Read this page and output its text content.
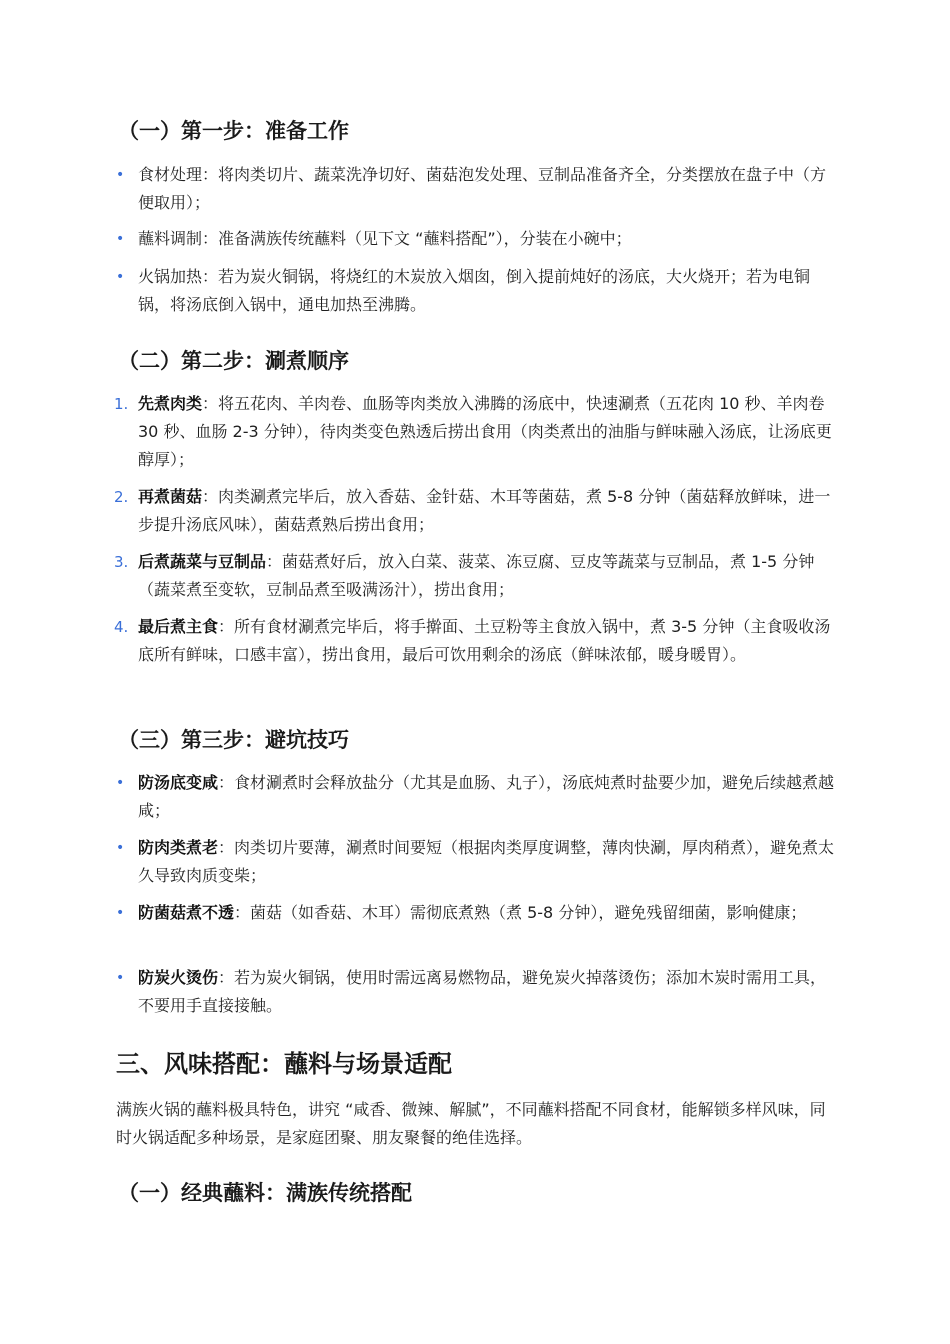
（一）第一步：准备工作
• 食材处理：将肉类切片、蔬菜洗净切好、菌菇泡发处理、豆制品准备齐全，分类摆放在盘子中（方便取用）；
• 蘸料调制：准备满族传统蘸料（见下文 “蘸料搭配”），分装在小碗中；
• 火锅加热：若为炭火铜锅，将烧红的木炭放入烟囱，倒入提前炖好的汤底，大火烧开；若为电铜锅，将汤底倒入锅中，通电加热至沸腾。
（二）第二步：涮煮顺序
1. 先煮肉类：将五花肉、羊肉卷、血肠等肉类放入沸腾的汤底中，快速涮煮（五花肉 10 秒、羊肉卷 30 秒、血肠 2-3 分钟），待肉类变色熟透后捞出食用（肉类煮出的油脂与鲜味融入汤底，让汤底更醇厚）；
2. 再煮菌菇：肉类涮煮完毕后，放入香菇、金针菇、木耳等菌菇，煮 5-8 分钟（菌菇释放鲜味，进一步提升汤底风味），菌菇煮熟后捞出食用；
3. 后煮蔬菜与豆制品：菌菇煮好后，放入白菜、菠菜、冻豆腐、豆皮等蔬菜与豆制品，煮 1-5 分钟（蔬菜煮至变软，豆制品煮至吸满汤汁），捞出食用；
4. 最后煮主食：所有食材涮煮完毕后，将手擀面、土豆粉等主食放入锅中，煮 3-5 分钟（主食吸收汤底所有鲜味，口感丰富），捞出食用，最后可饮用剩余的汤底（鲜味浓郁，暖身暖胃）。
（三）第三步：避坑技巧
• 防汤底变咸：食材涮煮时会释放盐分（尤其是血肠、丸子），汤底炖煮时盐要少加，避免后续越煮越咸；
• 防肉类煮老：肉类切片要薄，涮煮时间要短（根据肉类厚度调整，薄肉快涮，厚肉稍煮），避免煮太久导致肉质变柴；
• 防菌菇煮不透：菌菇（如香菇、木耳）需彻底煮熟（煮 5-8 分钟），避免残留细菌，影响健康；
• 防炭火烫伤：若为炭火铜锅，使用时需远离易燃物品，避免炭火掉落烫伤；添加木炭时需用工具，不要用手直接接触。
三、风味搭配：蘸料与场景适配

满族火锅的蘸料极具特色，讲究 “咸香、微辣、解腻”，不同蘸料搭配不同食材，能解锁多样风味，同时火锅适配多种场景，是家庭团聚、朋友聚餐的绝佳选择。

（一）经典蘸料：满族传统搭配
